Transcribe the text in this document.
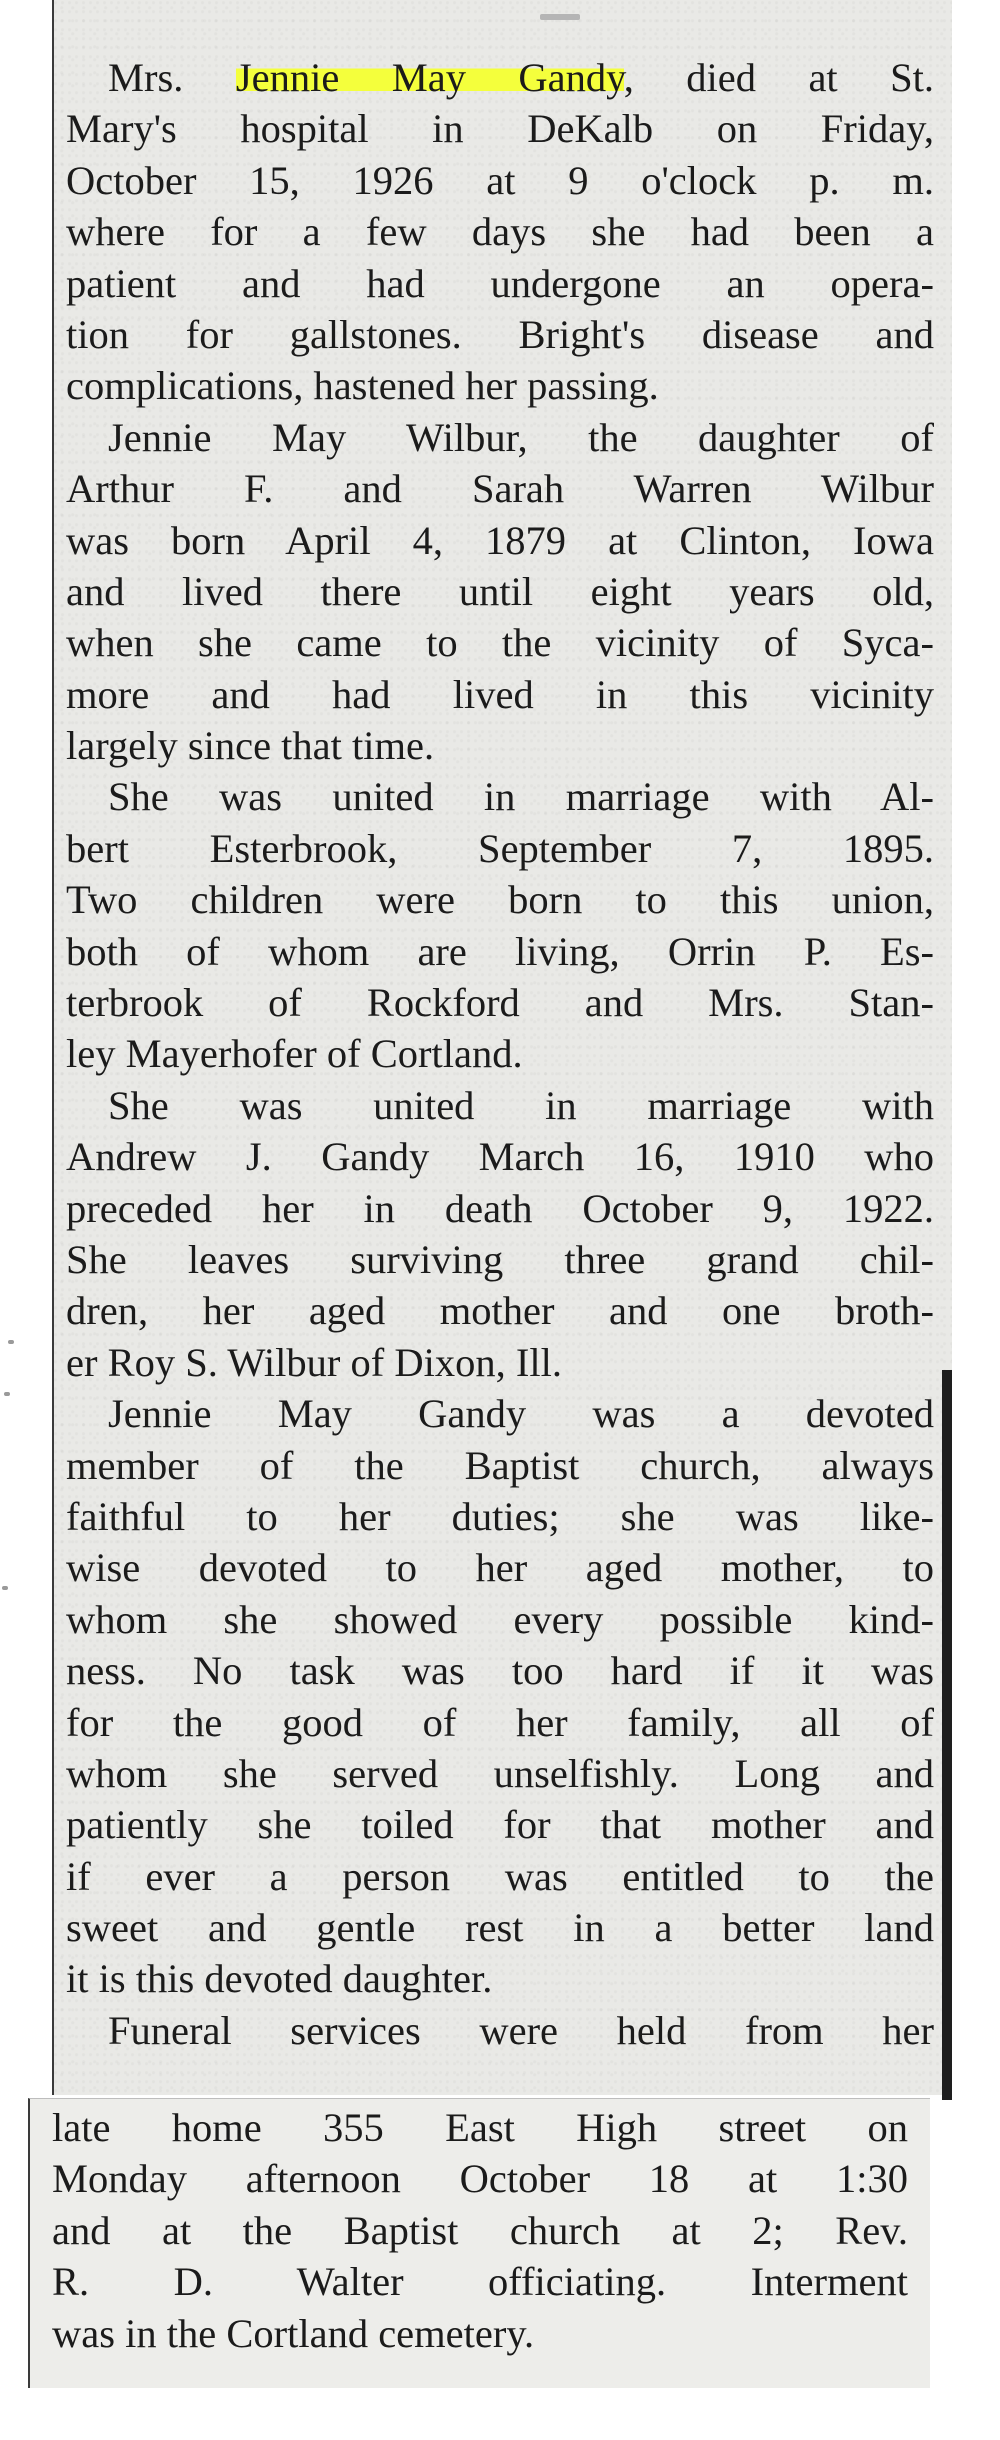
Mrs. Jennie May Gandy, died at St.
Mary's hospital in DeKalb on Friday,
October 15, 1926 at 9 o'clock p. m.
where for a few days she had been a
patient and had undergone an opera-
tion for gallstones. Bright's disease and
complications, hastened her passing.
Jennie May Wilbur, the daughter of
Arthur F. and Sarah Warren Wilbur
was born April 4, 1879 at Clinton, Iowa
and lived there until eight years old,
when she came to the vicinity of Syca-
more and had lived in this vicinity
largely since that time.
She was united in marriage with Al-
bert Esterbrook, September 7, 1895.
Two children were born to this union,
both of whom are living, Orrin P. Es-
terbrook of Rockford and Mrs. Stan-
ley Mayerhofer of Cortland.
She was united in marriage with
Andrew J. Gandy March 16, 1910 who
preceded her in death October 9, 1922.
She leaves surviving three grand chil-
dren, her aged mother and one broth-
er Roy S. Wilbur of Dixon, Ill.
Jennie May Gandy was a devoted
member of the Baptist church, always
faithful to her duties; she was like-
wise devoted to her aged mother, to
whom she showed every possible kind-
ness. No task was too hard if it was
for the good of her family, all of
whom she served unselfishly. Long and
patiently she toiled for that mother and
if ever a person was entitled to the
sweet and gentle rest in a better land
it is this devoted daughter.
Funeral services were held from her
late home 355 East High street on
Monday afternoon October 18 at 1:30
and at the Baptist church at 2; Rev.
R. D. Walter officiating. Interment
was in the Cortland cemetery.
